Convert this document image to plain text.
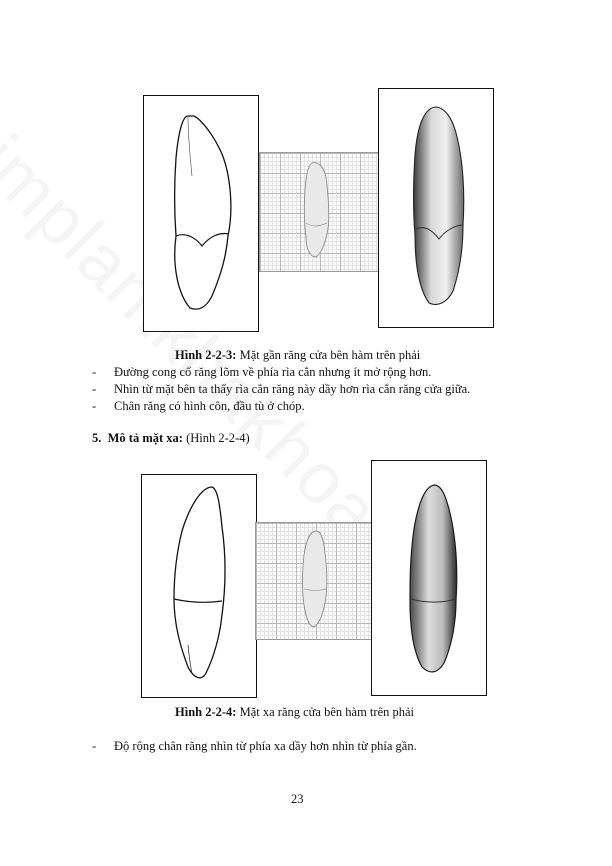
Hình 2-2-3: Mặt gần răng cửa bên hàm trên phải
- Đường cong cổ răng lõm về phía rìa cắn nhưng ít mở rộng hơn.
- Nhìn từ mặt bên ta thấy rìa cắn răng này dầy hơn rìa cắn răng cửa giữa.
- Chân răng có hình côn, đầu tù ở chóp.
5. Mô tả mặt xa: (Hình 2-2-4)
Hình 2-2-4: Mặt xa răng cửa bên hàm trên phải
- Độ rộng chân răng nhìn từ phía xa dầy hơn nhìn từ phía gần.
23
